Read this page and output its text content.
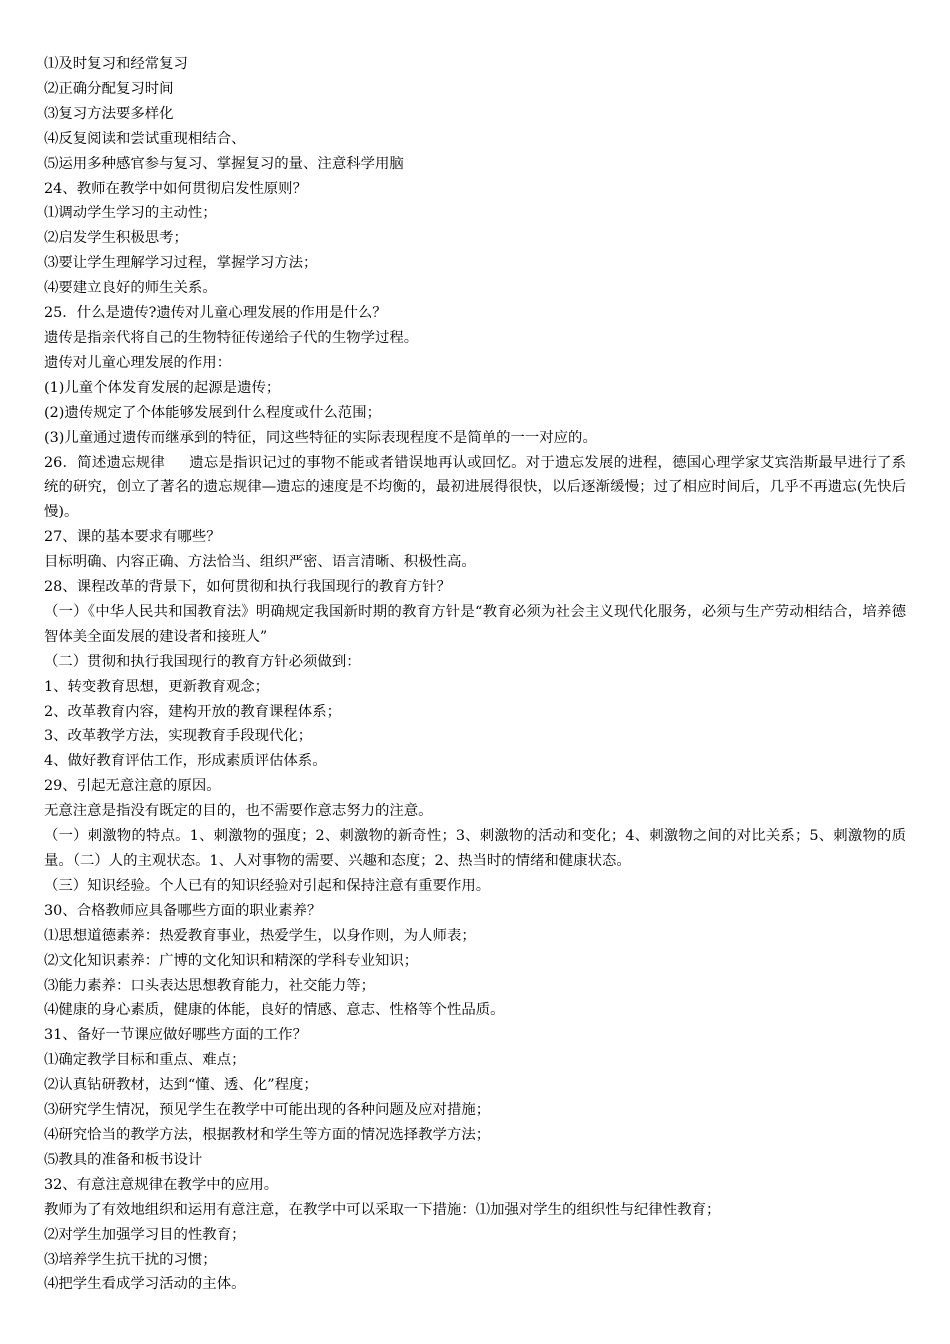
⑴及时复习和经常复习

⑵正确分配复习时间

⑶复习方法要多样化

⑷反复阅读和尝试重现相结合、

⑸运用多种感官参与复习、掌握复习的量、注意科学用脑

24、教师在教学中如何贯彻启发性原则？

⑴调动学生学习的主动性；

⑵启发学生积极思考；

⑶要让学生理解学习过程，掌握学习方法；

⑷要建立良好的师生关系。

25．什么是遗传?遗传对儿童心理发展的作用是什么？

遗传是指亲代将自己的生物特征传递给子代的生物学过程。

遗传对儿童心理发展的作用：

(1)儿童个体发育发展的起源是遗传；

(2)遗传规定了个体能够发展到什么程度或什么范围；

(3)儿童通过遗传而继承到的特征，同这些特征的实际表现程度不是简单的一一对应的。

26．简述遗忘规律 遗忘是指识记过的事物不能或者错误地再认或回忆。对于遗忘发展的进程，德国心理学家艾宾浩斯最早进行了系统的研究，创立了著名的遗忘规律—遗忘的速度是不均衡的，最初进展得很快，以后逐渐缓慢；过了相应时间后，几乎不再遗忘(先快后慢)。

27、课的基本要求有哪些？

目标明确、内容正确、方法恰当、组织严密、语言清晰、积极性高。

28、课程改革的背景下，如何贯彻和执行我国现行的教育方针？

（一）《中华人民共和国教育法》明确规定我国新时期的教育方针是“教育必须为社会主义现代化服务，必须与生产劳动相结合，培养德智体美全面发展的建设者和接班人”

（二）贯彻和执行我国现行的教育方针必须做到：

1、转变教育思想，更新教育观念；

2、改革教育内容，建构开放的教育课程体系；

3、改革教学方法，实现教育手段现代化；

4、做好教育评估工作，形成素质评估体系。

29、引起无意注意的原因。

无意注意是指没有既定的目的，也不需要作意志努力的注意。

（一）刺激物的特点。1、刺激物的强度；2、刺激物的新奇性；3、刺激物的活动和变化；4、刺激物之间的对比关系；5、刺激物的质量。（二）人的主观状态。1、人对事物的需要、兴趣和态度；2、热当时的情绪和健康状态。

（三）知识经验。个人已有的知识经验对引起和保持注意有重要作用。

30、合格教师应具备哪些方面的职业素养？

⑴思想道德素养：热爱教育事业，热爱学生，以身作则，为人师表；

⑵文化知识素养：广博的文化知识和精深的学科专业知识；

⑶能力素养：口头表达思想教育能力，社交能力等；

⑷健康的身心素质，健康的体能，良好的情感、意志、性格等个性品质。

31、备好一节课应做好哪些方面的工作？

⑴确定教学目标和重点、难点；

⑵认真钻研教材，达到“懂、透、化”程度；

⑶研究学生情况，预见学生在教学中可能出现的各种问题及应对措施；

⑷研究恰当的教学方法，根据教材和学生等方面的情况选择教学方法；

⑸教具的准备和板书设计

32、有意注意规律在教学中的应用。

教师为了有效地组织和运用有意注意，在教学中可以采取一下措施：⑴加强对学生的组织性与纪律性教育；

⑵对学生加强学习目的性教育；

⑶培养学生抗干扰的习惯；

⑷把学生看成学习活动的主体。
